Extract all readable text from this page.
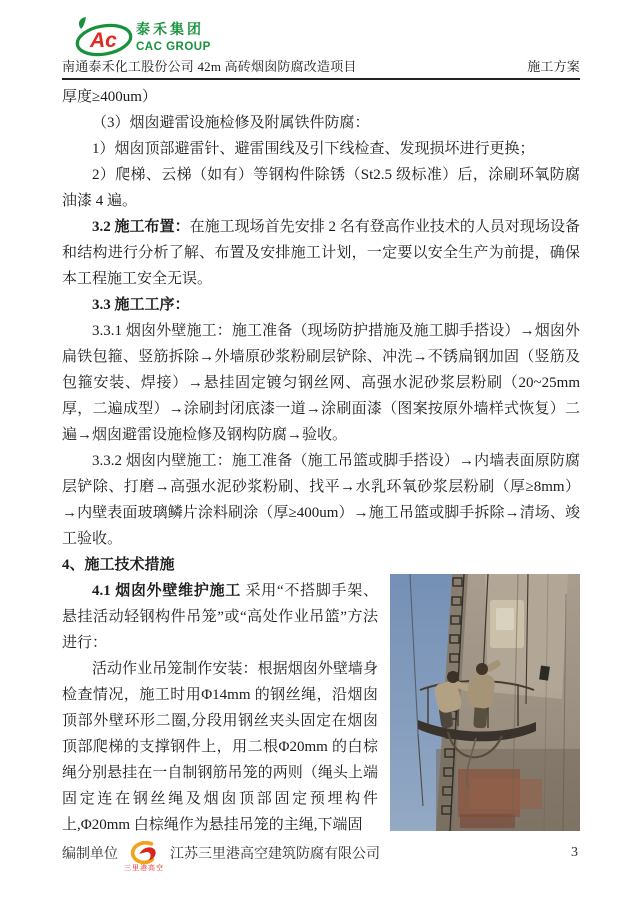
Ac 泰禾集团
CAC GROUP
南通泰禾化工股份公司 42m 高砖烟囱防腐改造项目	施工方案

厚度≥400um）

（3）烟囱避雷设施检修及附属铁件防腐：

1）烟囱顶部避雷针、避雷围线及引下线检查、发现损坏进行更换；

2）爬梯、云梯（如有）等钢构件除锈（St2.5 级标准）后，涂刷环氧防腐油漆 4 遍。

3.2 施工布置：在施工现场首先安排 2 名有登高作业技术的人员对现场设备和结构进行分析了解、布置及安排施工计划，一定要以安全生产为前提，确保本工程施工安全无误。

3.3 施工工序：

3.3.1 烟囱外壁施工：施工准备（现场防护措施及施工脚手搭设）→烟囱外扁铁包箍、竖筋拆除→外墙原砂浆粉刷层铲除、冲洗→不锈扁钢加固（竖筋及包箍安装、焊接）→悬挂固定镀匀钢丝网、高强水泥砂浆层粉刷（20~25mm厚，二遍成型）→涂刷封闭底漆一道→涂刷面漆（图案按原外墙样式恢复）二遍→烟囱避雷设施检修及钢构防腐→验收。

3.3.2 烟囱内壁施工：施工准备（施工吊篮或脚手搭设）→内墙表面原防腐层铲除、打磨→高强水泥砂浆粉刷、找平→水乳环氧砂浆层粉刷（厚≥8mm）→内壁表面玻璃鳞片涂料刷涂（厚≥400um）→施工吊篮或脚手拆除→清场、竣工验收。

4、施工技术措施

4.1 烟囱外壁维护施工 采用“不搭脚手架、悬挂活动轻钢构件吊笼”或“高处作业吊篮”方法进行：

活动作业吊笼制作安装：根据烟囱外壁墙身检查情况，施工时用Φ14mm 的钢丝绳，沿烟囱顶部外壁环形二圈,分段用钢丝夹头固定在烟囱顶部爬梯的支撑钢件上，用二根Φ20mm 的白棕绳分别悬挂在一自制钢筋吊笼的两则（绳头上端固定连在钢丝绳及烟囱顶部固定预埋构件上,Φ20mm 白棕绳作为悬挂吊笼的主绳,下端固

编制单位
三里港高空
江苏三里港高空建筑防腐有限公司	3
